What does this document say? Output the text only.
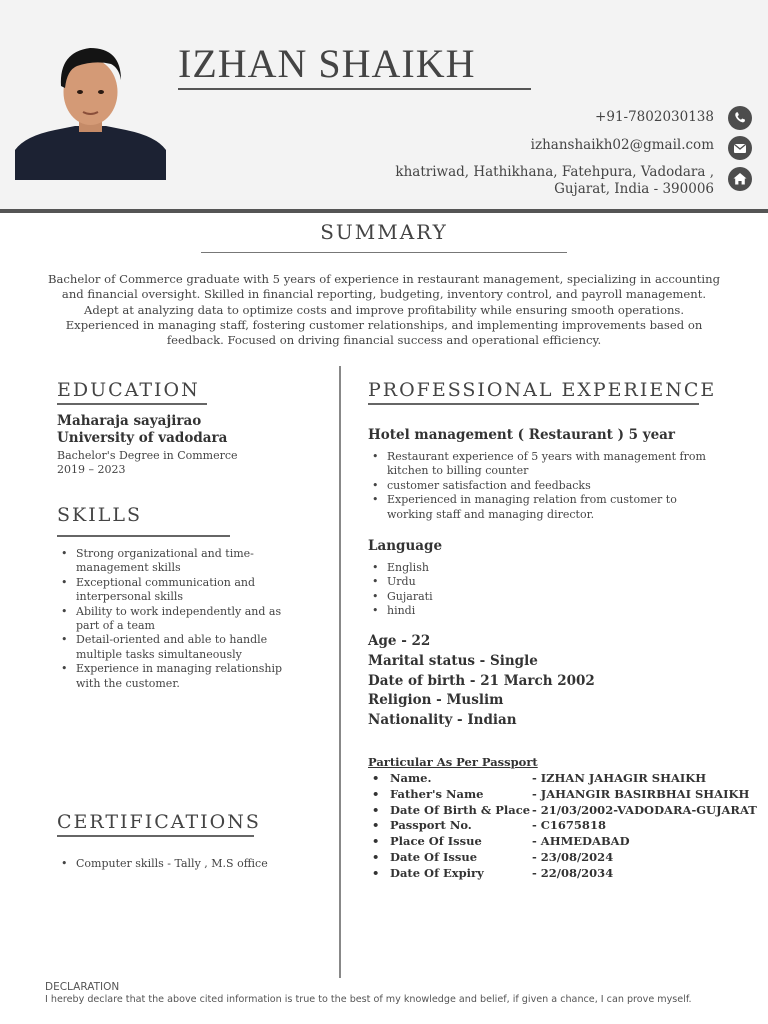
IZHAN SHAIKH
+91-7802030138
izhanshaikh02@gmail.com
khatriwad, Hathikhana, Fatehpura, Vadodara ,
Gujarat, India - 390006
SUMMARY
Bachelor of Commerce graduate with 5 years of experience in restaurant management, specializing in accounting and financial oversight. Skilled in financial reporting, budgeting, inventory control, and payroll management. Adept at analyzing data to optimize costs and improve profitability while ensuring smooth operations. Experienced in managing staff, fostering customer relationships, and implementing improvements based on feedback. Focused on driving financial success and operational efficiency.
EDUCATION
Maharaja sayajirao
University of vadodara
Bachelor's Degree in Commerce
2019 – 2023
SKILLS
• Strong organizational and time-management skills
• Exceptional communication and interpersonal skills
• Ability to work independently and as part of a team
• Detail-oriented and able to handle multiple tasks simultaneously
• Experience in managing relationship with the customer.
CERTIFICATIONS
• Computer skills - Tally , M.S office
PROFESSIONAL EXPERIENCE
Hotel management ( Restaurant ) 5 year
• Restaurant experience of 5 years with management from kitchen to billing counter
• customer satisfaction and feedbacks
• Experienced in managing relation from customer to working staff and managing director.
Language
• English
• Urdu
• Gujarati
• hindi
Age - 22
Marital status - Single
Date of birth - 21 March 2002
Religion - Muslim
Nationality - Indian
Particular As Per Passport
• Name.	- IZHAN JAHAGIR SHAIKH
• Father's Name	- JAHANGIR BASIRBHAI SHAIKH
• Date Of Birth & Place - 21/03/2002-VADODARA-GUJARAT
• Passport No.	- C1675818
• Place Of Issue	- AHMEDABAD
• Date Of Issue	- 23/08/2024
• Date Of Expiry	- 22/08/2034
DECLARATION
I hereby declare that the above cited information is true to the best of my knowledge and belief, if given a chance, I can prove myself.
